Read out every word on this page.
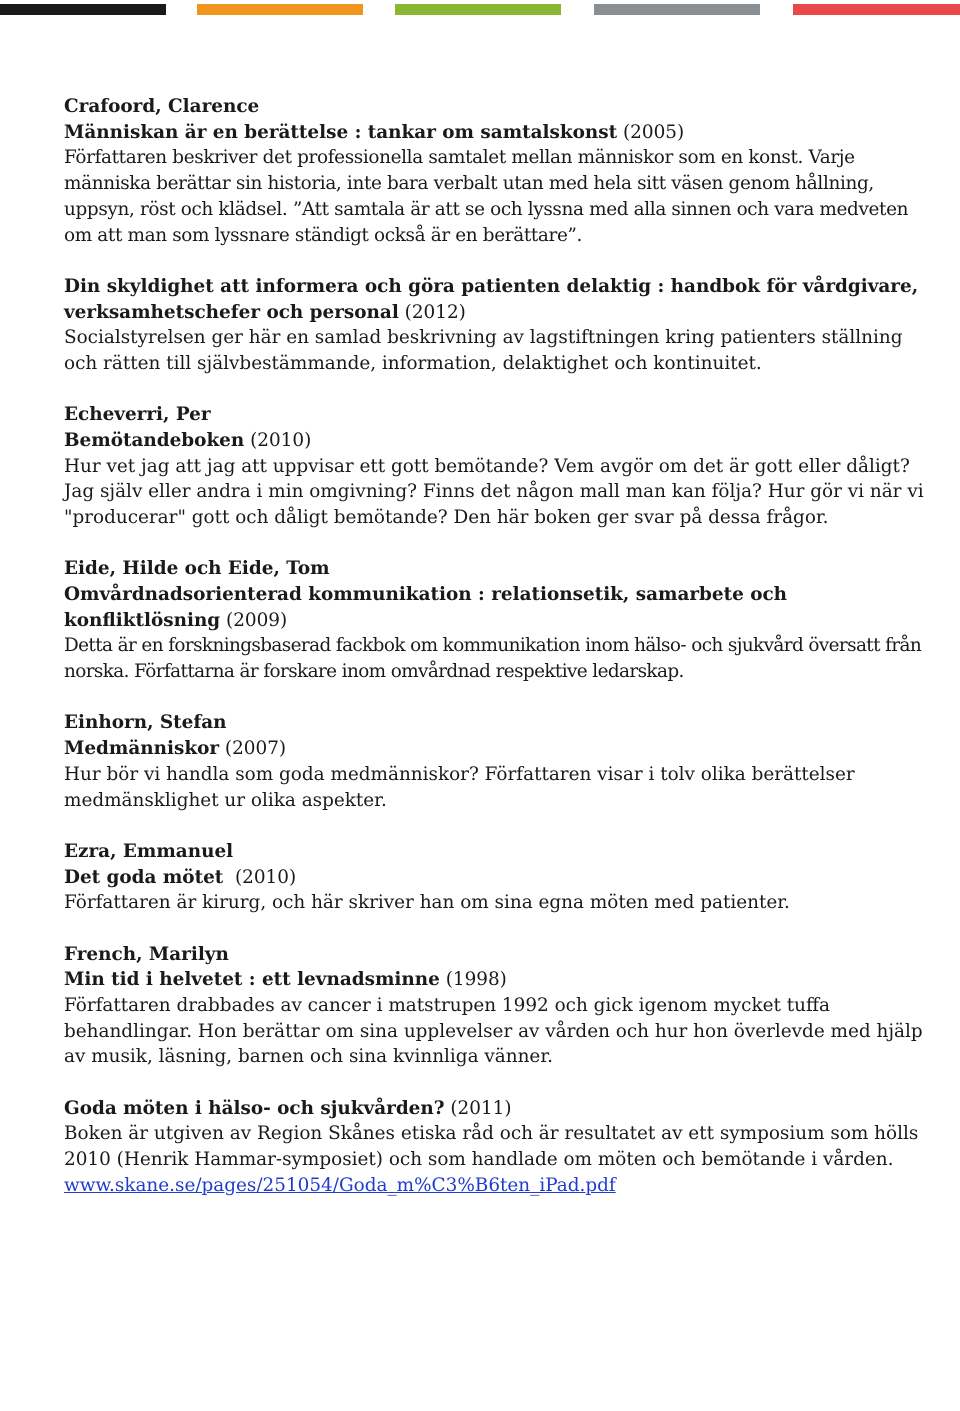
Crafoord, Clarence

Människan är en berättelse : tankar om samtalskonst (2005)

Författaren beskriver det professionella samtalet mellan människor som en konst. Varje människa berättar sin historia, inte bara verbalt utan med hela sitt väsen genom hållning, uppsyn, röst och klädsel. ”Att samtala är att se och lyssna med alla sinnen och vara medveten om att man som lyssnare ständigt också är en berättare”.

Din skyldighet att informera och göra patienten delaktig : handbok för vårdgivare, verksamhetschefer och personal (2012)

Socialstyrelsen ger här en samlad beskrivning av lagstiftningen kring patienters ställning och rätten till självbestämmande, information, delaktighet och kontinuitet.

Echeverri, Per

Bemötandeboken (2010)

Hur vet jag att jag att uppvisar ett gott bemötande? Vem avgör om det är gott eller dåligt? Jag själv eller andra i min omgivning? Finns det någon mall man kan följa? Hur gör vi när vi "producerar" gott och dåligt bemötande? Den här boken ger svar på dessa frågor.

Eide, Hilde och Eide, Tom

Omvårdnadsorienterad kommunikation : relationsetik, samarbete och konfliktlösning (2009)

Detta är en forskningsbaserad fackbok om kommunikation inom hälso- och sjukvård översatt från norska. Författarna är forskare inom omvårdnad respektive ledarskap.

Einhorn, Stefan

Medmänniskor (2007)

Hur bör vi handla som goda medmänniskor? Författaren visar i tolv olika berättelser medmänsklighet ur olika aspekter.

Ezra, Emmanuel

Det goda mötet  (2010)

Författaren är kirurg, och här skriver han om sina egna möten med patienter.

French, Marilyn

Min tid i helvetet : ett levnadsminne (1998)

Författaren drabbades av cancer i matstrupen 1992 och gick igenom mycket tuffa behandlingar. Hon berättar om sina upplevelser av vården och hur hon överlevde med hjälp av musik, läsning, barnen och sina kvinnliga vänner.

Goda möten i hälso- och sjukvården? (2011)

Boken är utgiven av Region Skånes etiska råd och är resultatet av ett symposium som hölls 2010 (Henrik Hammar-symposiet) och som handlade om möten och bemötande i vården.

www.skane.se/pages/251054/Goda_m%C3%B6ten_iPad.pdf
